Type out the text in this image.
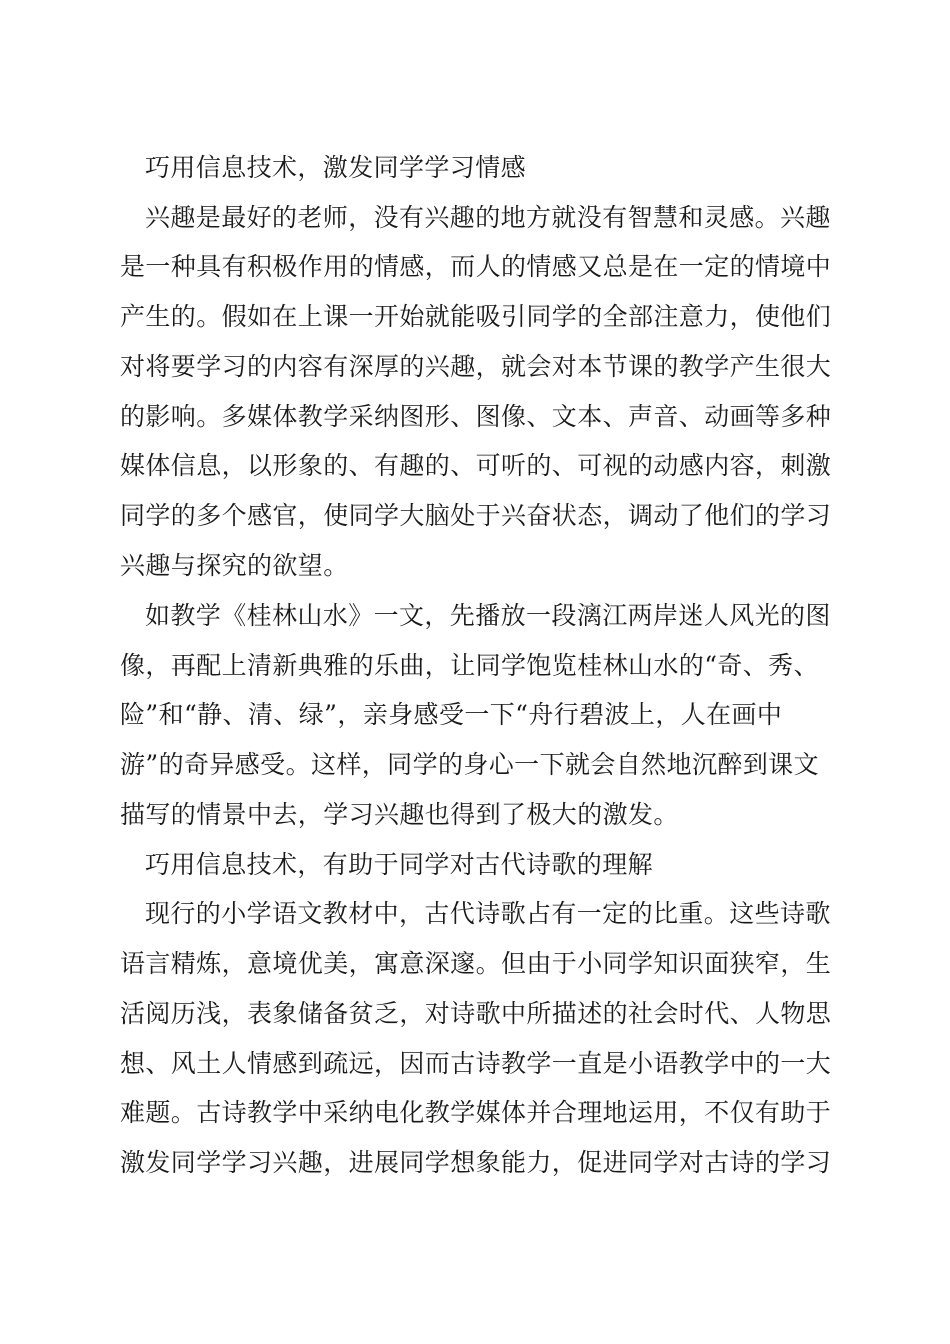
巧用信息技术，激发同学学习情感
兴趣是最好的老师，没有兴趣的地方就没有智慧和灵感。兴趣
是一种具有积极作用的情感，而人的情感又总是在一定的情境中
产生的。假如在上课一开始就能吸引同学的全部注意力，使他们
对将要学习的内容有深厚的兴趣，就会对本节课的教学产生很大
的影响。多媒体教学采纳图形、图像、文本、声音、动画等多种
媒体信息，以形象的、有趣的、可听的、可视的动感内容，刺激
同学的多个感官，使同学大脑处于兴奋状态，调动了他们的学习
兴趣与探究的欲望。
如教学《桂林山水》一文，先播放一段漓江两岸迷人风光的图
像，再配上清新典雅的乐曲，让同学饱览桂林山水的“奇、秀、
险”和“静、清、绿”，亲身感受一下“舟行碧波上，人在画中
游”的奇异感受。这样，同学的身心一下就会自然地沉醉到课文
描写的情景中去，学习兴趣也得到了极大的激发。
巧用信息技术，有助于同学对古代诗歌的理解
现行的小学语文教材中，古代诗歌占有一定的比重。这些诗歌
语言精炼，意境优美，寓意深邃。但由于小同学知识面狭窄，生
活阅历浅，表象储备贫乏，对诗歌中所描述的社会时代、人物思
想、风土人情感到疏远，因而古诗教学一直是小语教学中的一大
难题。古诗教学中采纳电化教学媒体并合理地运用，不仅有助于
激发同学学习兴趣，进展同学想象能力，促进同学对古诗的学习
